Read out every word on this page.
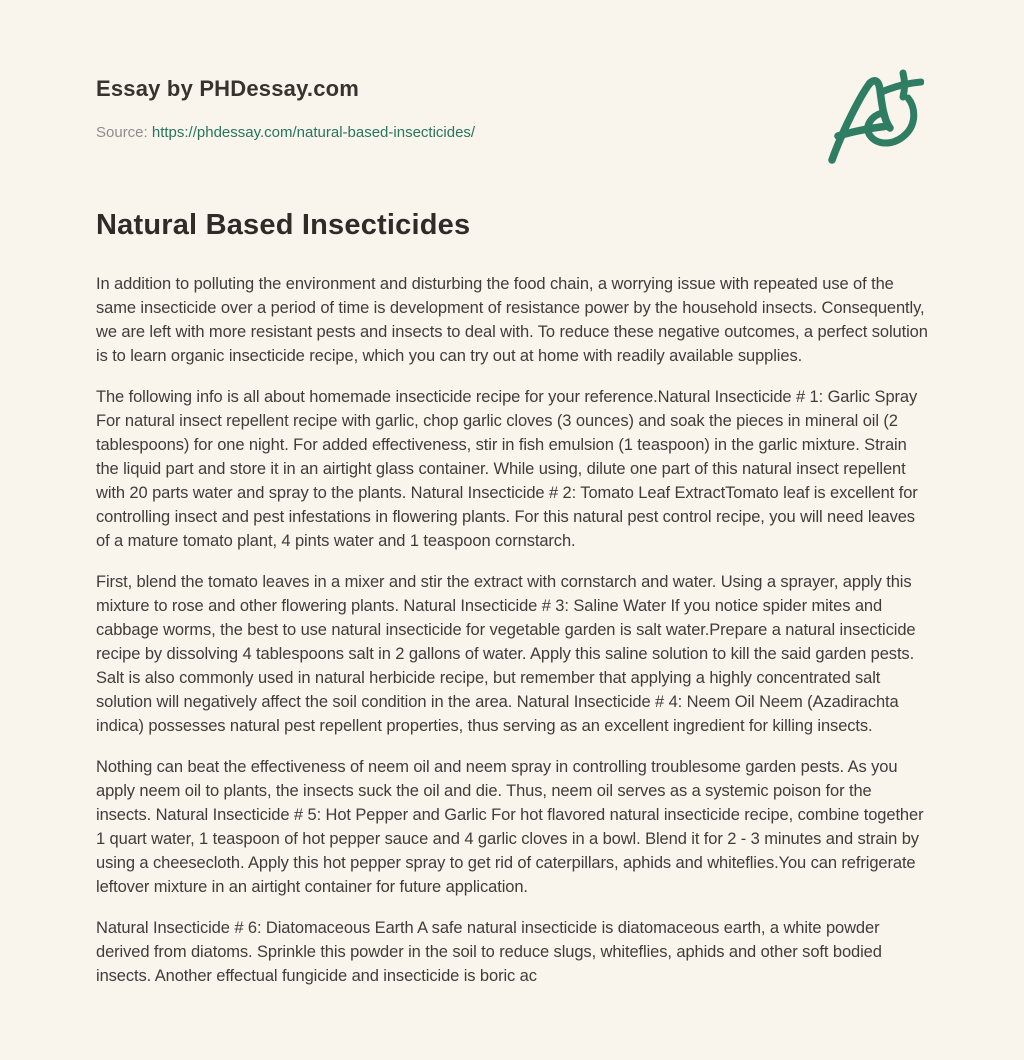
Essay by PHDessay.com
Source: https://phdessay.com/natural-based-insecticides/
Natural Based Insecticides

In addition to polluting the environment and disturbing the food chain, a worrying issue with repeated use of the same insecticide over a period of time is development of resistance power by the household insects. Consequently, we are left with more resistant pests and insects to deal with. To reduce these negative outcomes, a perfect solution is to learn organic insecticide recipe, which you can try out at home with readily available supplies.

The following info is all about homemade insecticide recipe for your reference.Natural Insecticide # 1: Garlic Spray For natural insect repellent recipe with garlic, chop garlic cloves (3 ounces) and soak the pieces in mineral oil (2 tablespoons) for one night. For added effectiveness, stir in fish emulsion (1 teaspoon) in the garlic mixture. Strain the liquid part and store it in an airtight glass container. While using, dilute one part of this natural insect repellent with 20 parts water and spray to the plants. Natural Insecticide # 2: Tomato Leaf ExtractTomato leaf is excellent for controlling insect and pest infestations in flowering plants. For this natural pest control recipe, you will need leaves of a mature tomato plant, 4 pints water and 1 teaspoon cornstarch.

First, blend the tomato leaves in a mixer and stir the extract with cornstarch and water. Using a sprayer, apply this mixture to rose and other flowering plants. Natural Insecticide # 3: Saline Water If you notice spider mites and cabbage worms, the best to use natural insecticide for vegetable garden is salt water.Prepare a natural insecticide recipe by dissolving 4 tablespoons salt in 2 gallons of water. Apply this saline solution to kill the said garden pests. Salt is also commonly used in natural herbicide recipe, but remember that applying a highly concentrated salt solution will negatively affect the soil condition in the area. Natural Insecticide # 4: Neem Oil Neem (Azadirachta indica) possesses natural pest repellent properties, thus serving as an excellent ingredient for killing insects.

Nothing can beat the effectiveness of neem oil and neem spray in controlling troublesome garden pests. As you apply neem oil to plants, the insects suck the oil and die. Thus, neem oil serves as a systemic poison for the insects. Natural Insecticide # 5: Hot Pepper and Garlic For hot flavored natural insecticide recipe, combine together 1 quart water, 1 teaspoon of hot pepper sauce and 4 garlic cloves in a bowl. Blend it for 2 - 3 minutes and strain by using a cheesecloth. Apply this hot pepper spray to get rid of caterpillars, aphids and whiteflies.You can refrigerate leftover mixture in an airtight container for future application.

Natural Insecticide # 6: Diatomaceous Earth A safe natural insecticide is diatomaceous earth, a white powder derived from diatoms. Sprinkle this powder in the soil to reduce slugs, whiteflies, aphids and other soft bodied insects. Another effectual fungicide and insecticide is boric ac
